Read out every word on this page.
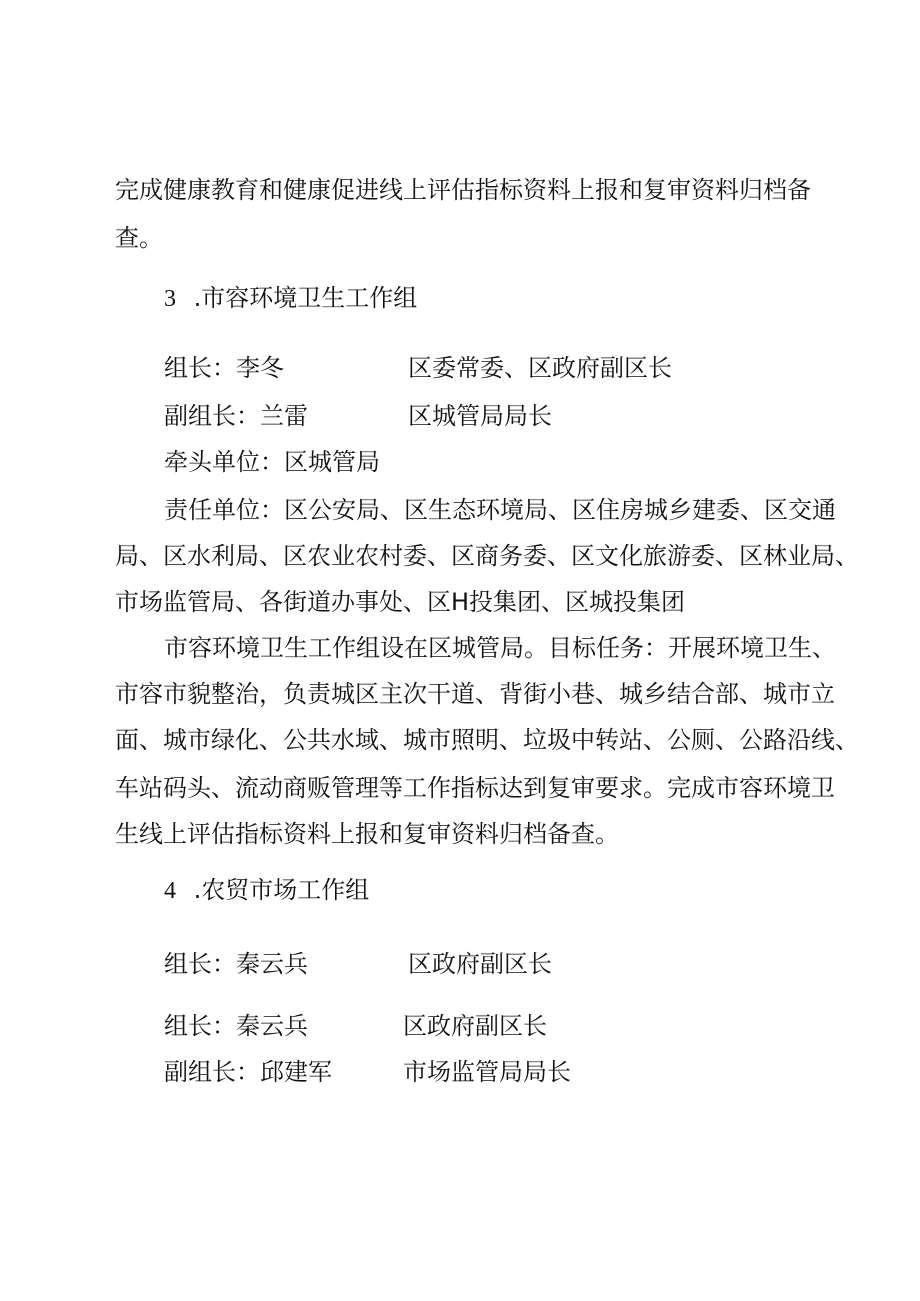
完成健康教育和健康促进线上评估指标资料上报和复审资料归档备
查。
3 .市容环境卫生工作组
组长：李冬	区委常委、区政府副区长
副组长：兰雷	区城管局局长
牵头单位：区城管局
责任单位：区公安局、区生态环境局、区住房城乡建委、区交通
局、区水利局、区农业农村委、区商务委、区文化旅游委、区林业局、
市场监管局、各街道办事处、区H投集团、区城投集团
市容环境卫生工作组设在区城管局。目标任务：开展环境卫生、
市容市貌整治，负责城区主次干道、背街小巷、城乡结合部、城市立
面、城市绿化、公共水域、城市照明、垃圾中转站、公厕、公路沿线、
车站码头、流动商贩管理等工作指标达到复审要求。完成市容环境卫
生线上评估指标资料上报和复审资料归档备查。
4 .农贸市场工作组
组长：秦云兵	区政府副区长
组长：秦云兵	区政府副区长
副组长：邱建军	市场监管局局长
